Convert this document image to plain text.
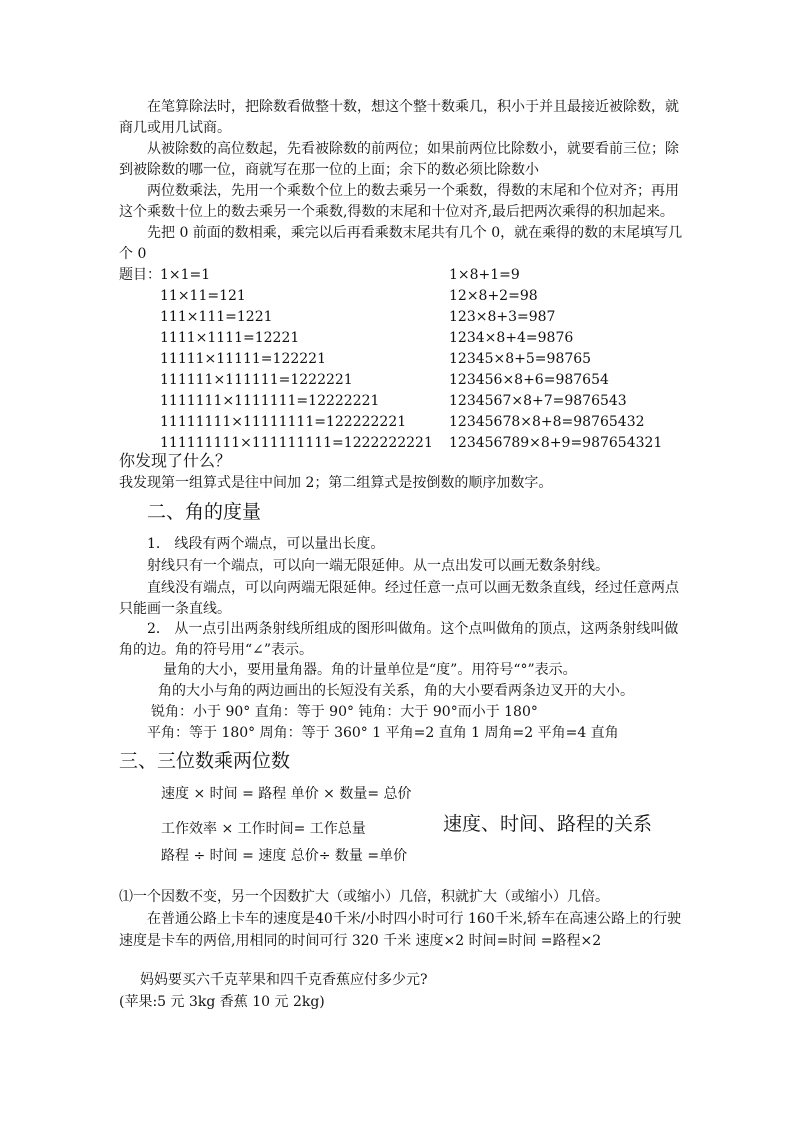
在笔算除法时，把除数看做整十数，想这个整十数乘几，积小于并且最接近被除数，就
商几或用几试商。
从被除数的高位数起，先看被除数的前两位；如果前两位比除数小，就要看前三位；除
到被除数的哪一位，商就写在那一位的上面；余下的数必须比除数小
两位数乘法，先用一个乘数个位上的数去乘另一个乘数，得数的末尾和个位对齐；再用
这个乘数十位上的数去乘另一个乘数,得数的末尾和十位对齐,最后把两次乘得的积加起来。
先把 0 前面的数相乘，乘完以后再看乘数末尾共有几个 0，就在乘得的数的末尾填写几
个 0
题目： 1×1=1
11×11=121
111×111=1221
1111×1111=12221
11111×11111=122221
111111×111111=1222221
1111111×1111111=12222221
11111111×11111111=122222221
111111111×111111111=1222222221
1×8+1=9
12×8+2=98
123×8+3=987
1234×8+4=9876
12345×8+5=98765
123456×8+6=987654
1234567×8+7=9876543
12345678×8+8=98765432
123456789×8+9=987654321
你发现了什么？
我发现第一组算式是往中间加 2；第二组算式是按倒数的顺序加数字。
二、角的度量
1． 线段有两个端点，可以量出长度。
射线只有一个端点，可以向一端无限延伸。从一点出发可以画无数条射线。
直线没有端点，可以向两端无限延伸。经过任意一点可以画无数条直线，经过任意两点
只能画一条直线。
2． 从一点引出两条射线所组成的图形叫做角。这个点叫做角的顶点，这两条射线叫做
角的边。角的符号用“∠”表示。
量角的大小，要用量角器。角的计量单位是“度”。用符号“°”表示。
角的大小与角的两边画出的长短没有关系，角的大小要看两条边叉开的大小。
锐角：小于 90° 直角：等于 90° 钝角：大于 90°而小于 180°
平角：等于 180° 周角：等于 360° 1 平角=2 直角 1 周角=2 平角=4 直角
三、三位数乘两位数
速度 × 时间 = 路程 单价 × 数量= 总价
工作效率 × 工作时间= 工作总量	速度、时间、路程的关系
路程 ÷ 时间 = 速度 总价÷ 数量 =单价
⑴一个因数不变，另一个因数扩大（或缩小）几倍，积就扩大（或缩小）几倍。
在普通公路上卡车的速度是40千米/小时四小时可行 160千米,轿车在高速公路上的行驶
速度是卡车的两倍,用相同的时间可行 320 千米 速度×2 时间=时间 =路程×2
妈妈要买六千克苹果和四千克香蕉应付多少元?
(苹果:5 元 3kg 香蕉 10 元 2kg)
